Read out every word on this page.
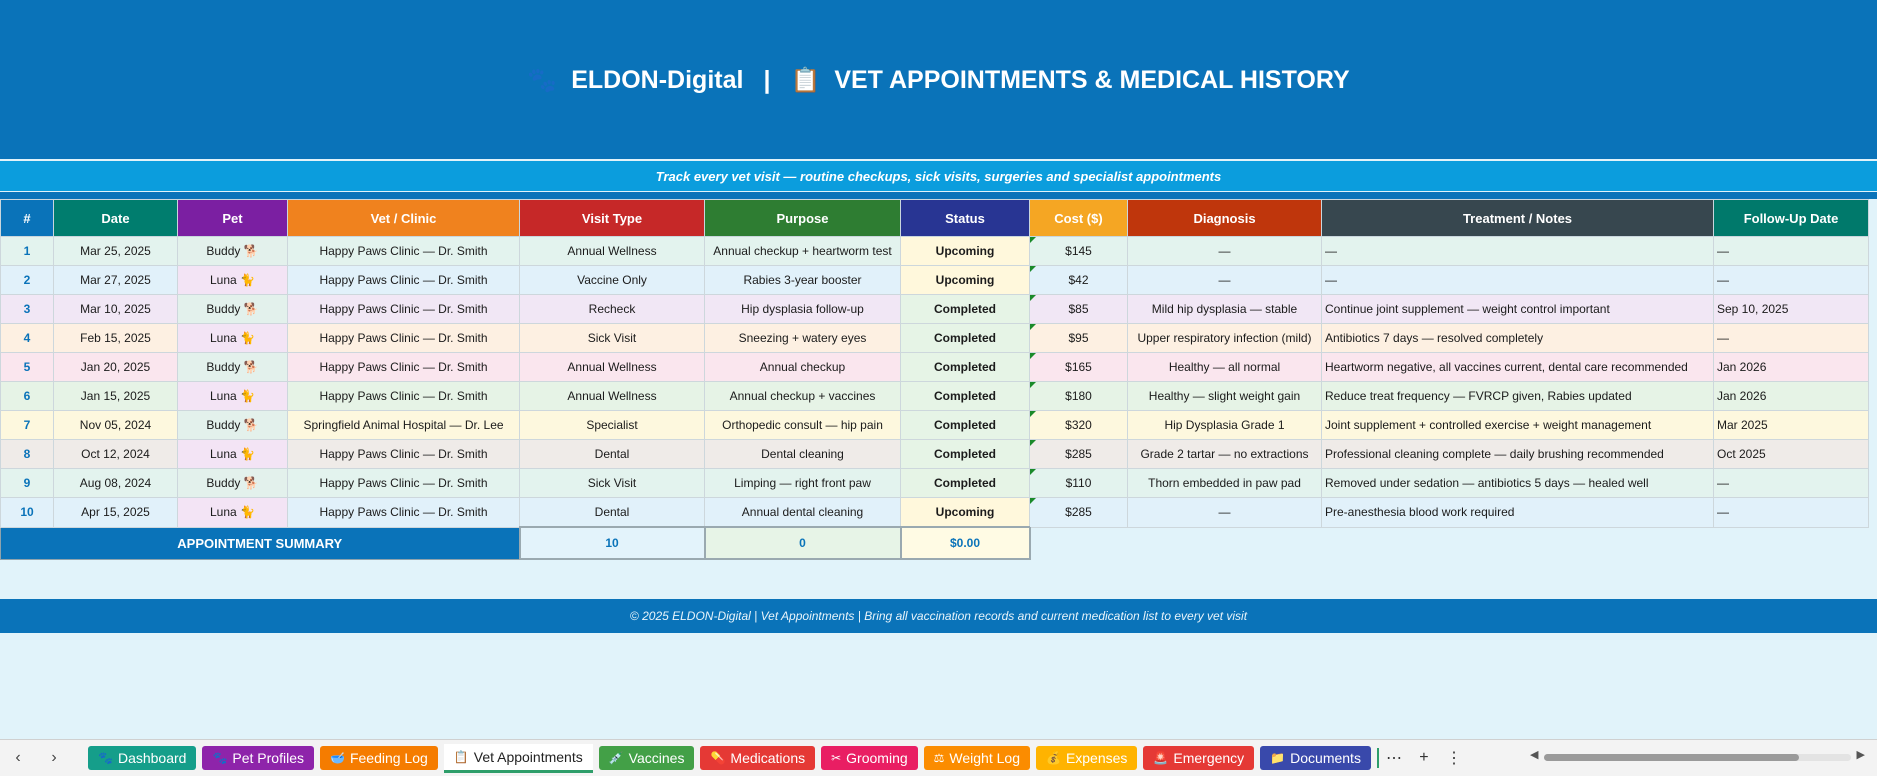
🐾 ELDON-Digital | 📋 VET APPOINTMENTS & MEDICAL HISTORY
Track every vet visit — routine checkups, sick visits, surgeries and specialist appointments
#	Date	Pet	Vet / Clinic	Visit Type	Purpose	Status	Cost ($)	Diagnosis	Treatment / Notes	Follow-Up Date
1	Mar 25, 2025	Buddy 🐕	Happy Paws Clinic — Dr. Smith	Annual Wellness	Annual checkup + heartworm test	Upcoming	$145	—	—	—
2	Mar 27, 2025	Luna 🐈	Happy Paws Clinic — Dr. Smith	Vaccine Only	Rabies 3-year booster	Upcoming	$42	—	—	—
3	Mar 10, 2025	Buddy 🐕	Happy Paws Clinic — Dr. Smith	Recheck	Hip dysplasia follow-up	Completed	$85	Mild hip dysplasia — stable	Continue joint supplement — weight control important	Sep 10, 2025
4	Feb 15, 2025	Luna 🐈	Happy Paws Clinic — Dr. Smith	Sick Visit	Sneezing + watery eyes	Completed	$95	Upper respiratory infection (mild)	Antibiotics 7 days — resolved completely	—
5	Jan 20, 2025	Buddy 🐕	Happy Paws Clinic — Dr. Smith	Annual Wellness	Annual checkup	Completed	$165	Healthy — all normal	Heartworm negative, all vaccines current, dental care recommended	Jan 2026
6	Jan 15, 2025	Luna 🐈	Happy Paws Clinic — Dr. Smith	Annual Wellness	Annual checkup + vaccines	Completed	$180	Healthy — slight weight gain	Reduce treat frequency — FVRCP given, Rabies updated	Jan 2026
7	Nov 05, 2024	Buddy 🐕	Springfield Animal Hospital — Dr. Lee	Specialist	Orthopedic consult — hip pain	Completed	$320	Hip Dysplasia Grade 1	Joint supplement + controlled exercise + weight management	Mar 2025
8	Oct 12, 2024	Luna 🐈	Happy Paws Clinic — Dr. Smith	Dental	Dental cleaning	Completed	$285	Grade 2 tartar — no extractions	Professional cleaning complete — daily brushing recommended	Oct 2025
9	Aug 08, 2024	Buddy 🐕	Happy Paws Clinic — Dr. Smith	Sick Visit	Limping — right front paw	Completed	$110	Thorn embedded in paw pad	Removed under sedation — antibiotics 5 days — healed well	—
10	Apr 15, 2025	Luna 🐈	Happy Paws Clinic — Dr. Smith	Dental	Annual dental cleaning	Upcoming	$285	—	Pre-anesthesia blood work required	—
APPOINTMENT SUMMARY				10	0	$0.00				
© 2025 ELDON-Digital | Vet Appointments | Bring all vaccination records and current medication list to every vet visit
‹	›	🐾 Dashboard 🐾 Pet Profiles 🥣 Feeding Log 📋 Vet Appointments 💉 Vaccines 💊 Medications ✂ Grooming ⚖ Weight Log 💰 Expenses 🚨 Emergency 📁 Documents	⋯	+	⋮	◀	▶
